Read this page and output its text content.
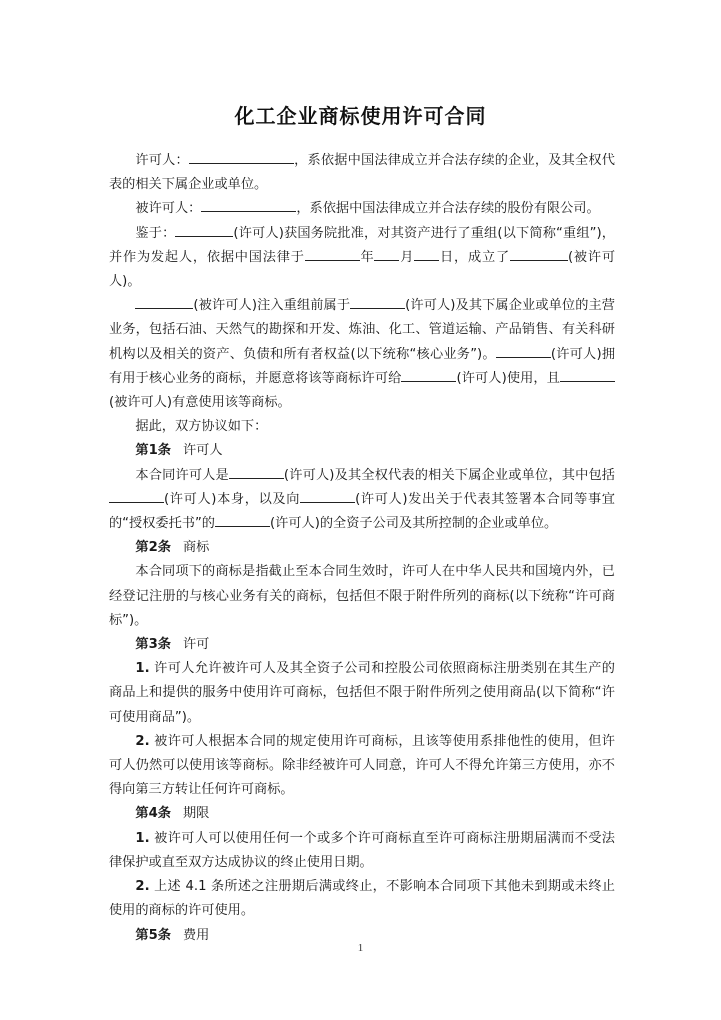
化工企业商标使用许可合同

许可人：	，系依据中国法律成立并合法存续的企业，及其全权代表的相关下属企业或单位。

被许可人：	，系依据中国法律成立并合法存续的股份有限公司。

鉴于：	(许可人)获国务院批准，对其资产进行了重组(以下简称“重组”)，并作为发起人，依据中国法律于	年 月 日，成立了	(被许可人)。

(被许可人)注入重组前属于	(许可人)及其下属企业或单位的主营业务，包括石油、天然气的勘探和开发、炼油、化工、管道运输、产品销售、有关科研机构以及相关的资产、负债和所有者权益(以下统称“核心业务”)。	(许可人)拥有用于核心业务的商标，并愿意将该等商标许可给	(许可人)使用，且(被许可人)有意使用该等商标。

据此，双方协议如下：

第1条 许可人

本合同许可人是	(许可人)及其全权代表的相关下属企业或单位，其中包括(许可人)本身，以及向	(许可人)发出关于代表其签署本合同等事宜的“授权委托书”的	(许可人)的全资子公司及其所控制的企业或单位。

第2条 商标

本合同项下的商标是指截止至本合同生效时，许可人在中华人民共和国境内外，已经登记注册的与核心业务有关的商标，包括但不限于附件所列的商标(以下统称“许可商标”)。

第3条 许可

1. 许可人允许被许可人及其全资子公司和控股公司依照商标注册类别在其生产的商品上和提供的服务中使用许可商标，包括但不限于附件所列之使用商品(以下简称“许可使用商品”)。

2. 被许可人根据本合同的规定使用许可商标，且该等使用系排他性的使用，但许可人仍然可以使用该等商标。除非经被许可人同意，许可人不得允许第三方使用，亦不得向第三方转让任何许可商标。

第4条 期限

1. 被许可人可以使用任何一个或多个许可商标直至许可商标注册期届满而不受法律保护或直至双方达成协议的终止使用日期。

2. 上述 4.1 条所述之注册期后满或终止，不影响本合同项下其他未到期或未终止使用的商标的许可使用。

第5条 费用

1
